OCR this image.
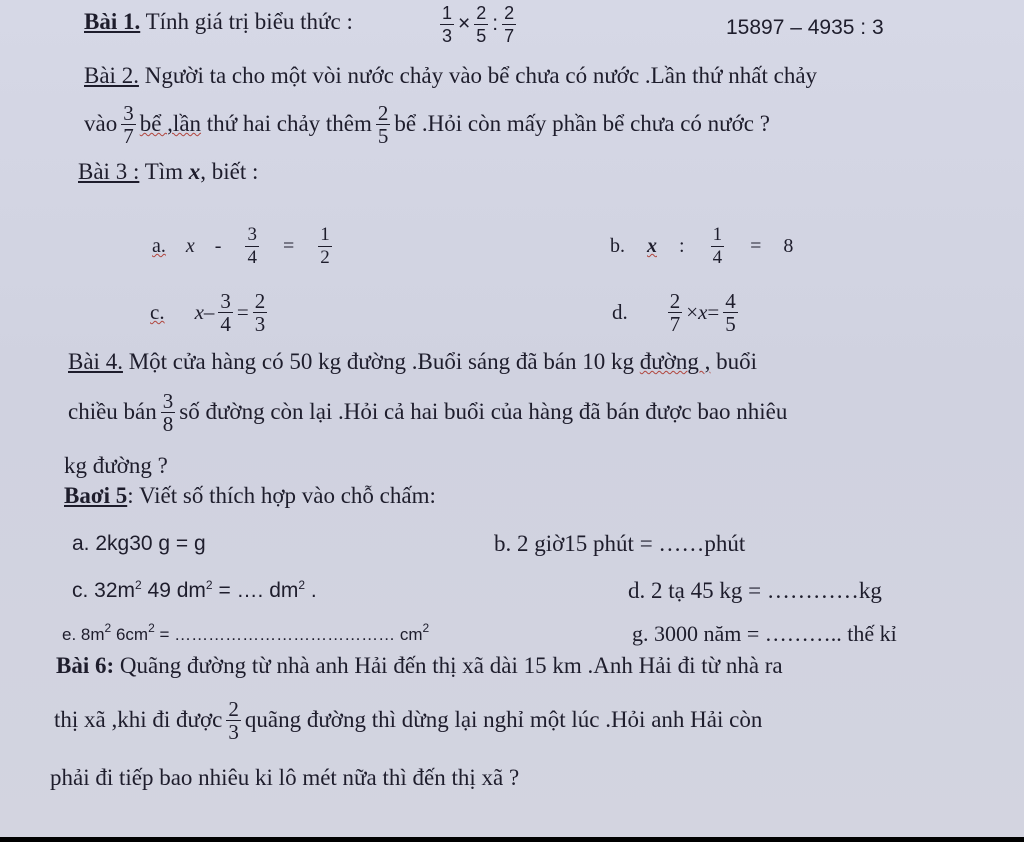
Bài 1. Tính giá trị biểu thức :	$\frac{1}{3} \times \frac{2}{5}$ : $\frac{2}{7}$	15897 – 4935 : 3
Bài 2. Người ta cho một vòi nước chảy vào bể chưa có nước .Lần thứ nhất chảy
vào $\frac{3}{7}$ bể ,lần
thứ hai chảy thêm $\frac{2}{5}$ bể .Hỏi còn mấy phần bể chưa có nước ?
Bài 3 : Tìm x, biết :
a. $x - \frac{3}{4} = \frac{1}{2}$	b. x : $\frac{1}{4} = 8$
c. $x - \frac{3}{4} = \frac{2}{3}$	d. $\frac{2}{7} \times x = \frac{4}{5}$
Bài 4. Một cửa hàng có 50 kg đường .Buổi sáng đã bán 10 kg đường , buổi
chiều bán $\frac{3}{8}$ số đường còn lại .Hỏi cả hai buổi của hàng đã bán được bao nhiêu
kg đường ?
Baơi 5: Viết số thích hợp vào chỗ chấm:
a. 2kg30 g = g	b. 2 giờ15 phút = ……phút
c. $32m^2$ 49 $dm^2$ = …. $dm^2$ .	d. 2 tạ 45 kg = …………kg
e. $8m^2$ $6cm^2$ = ………………………………… $cm^2$	g. 3000 năm = ……….. thế kỉ
Bài 6: Quãng đường từ nhà anh Hải đến thị xã dài 15 km .Anh Hải đi từ nhà ra
thị xã ,khi đi được $\frac{2}{3}$ quãng đường thì dừng lại nghỉ một lúc .Hỏi anh Hải còn
phải đi tiếp bao nhiêu ki lô mét nữa thì đến thị xã ?
